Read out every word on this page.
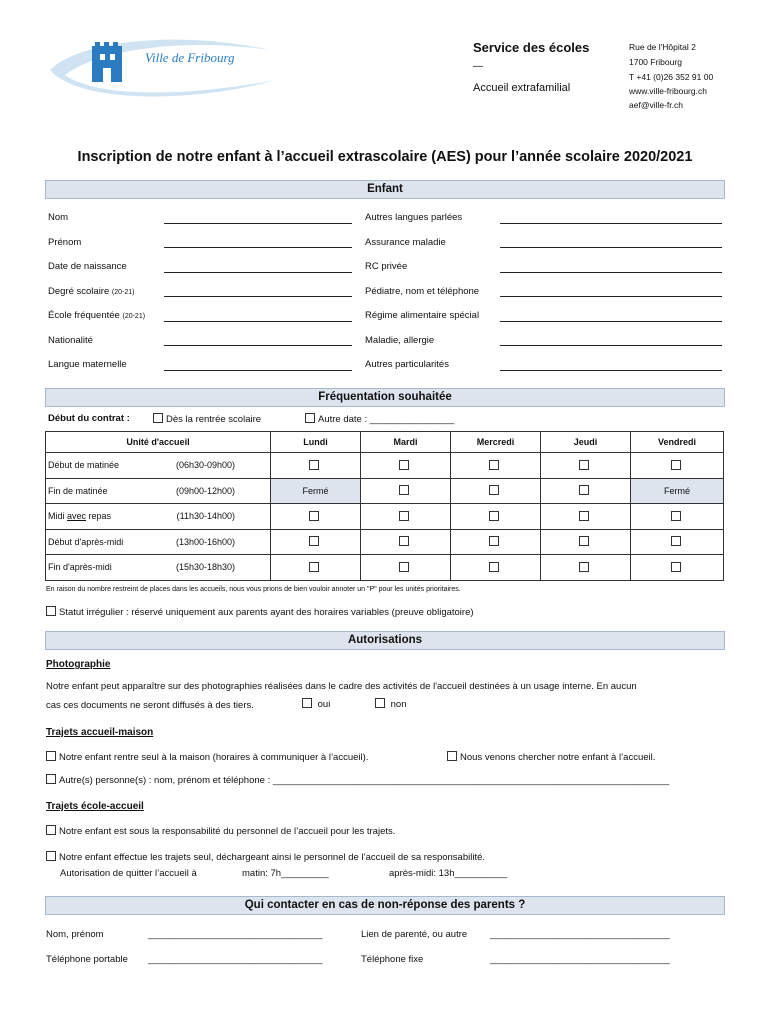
Ville de Fribourg
Service des écoles
—
Accueil extrafamilial
Rue de l'Hôpital 2
1700 Fribourg
T +41 (0)26 352 91 00
www.ville-fribourg.ch
aef@ville-fr.ch
Inscription de notre enfant à l’accueil extrascolaire (AES) pour l’année scolaire 2020/2021
Enfant
Nom
Prénom
Date de naissance
Degré scolaire (20-21)
École fréquentée (20-21)
Nationalité
Langue maternelle
Autres langues parlées
Assurance maladie
RC privée
Pédiatre, nom et téléphone
Régime alimentaire spécial
Maladie, allergie
Autres particularités
Fréquentation souhaitée
Début du contrat :	Dès la rentrée scolaire	Autre date : ________________
Unité d'accueil	Lundi	Mardi	Mercredi	Jeudi	Vendredi

Début de matinée (06h30-09h00)					

Fin de matinée (09h00-12h00)	Fermé				Fermé

Midi avec repas (11h30-14h00)					

Début d'après-midi (13h00-16h00)					

Fin d'après-midi (15h30-18h30)					

En raison du nombre restreint de places dans les accueils, nous vous prions de bien vouloir annoter un "P" pour les unités prioritaires.
Statut irrégulier : réservé uniquement aux parents ayant des horaires variables (preuve obligatoire)
Autorisations
Photographie
Notre enfant peut apparaître sur des photographies réalisées dans le cadre des activités de l'accueil destinées à un usage interne. En aucun
cas ces documents ne seront diffusés à des tiers.	oui	non
Trajets accueil-maison
Notre enfant rentre seul à la maison (horaires à communiquer à l’accueil).	Nous venons chercher notre enfant à l’accueil.
Autre(s) personne(s) : nom, prénom et téléphone : ___________________________________________________________________________
Trajets école-accueil
Notre enfant est sous la responsabilité du personnel de l’accueil pour les trajets.
Notre enfant effectue les trajets seul, déchargeant ainsi le personnel de l’accueil de sa responsabilité.
Autorisation de quitter l’accueil à	matin: 7h_________	après-midi: 13h__________
Qui contacter en cas de non-réponse des parents ?
Nom, prénom	_________________________________	Lien de parenté, ou autre __________________________________
Téléphone portable _________________________________	Téléphone fixe	__________________________________
